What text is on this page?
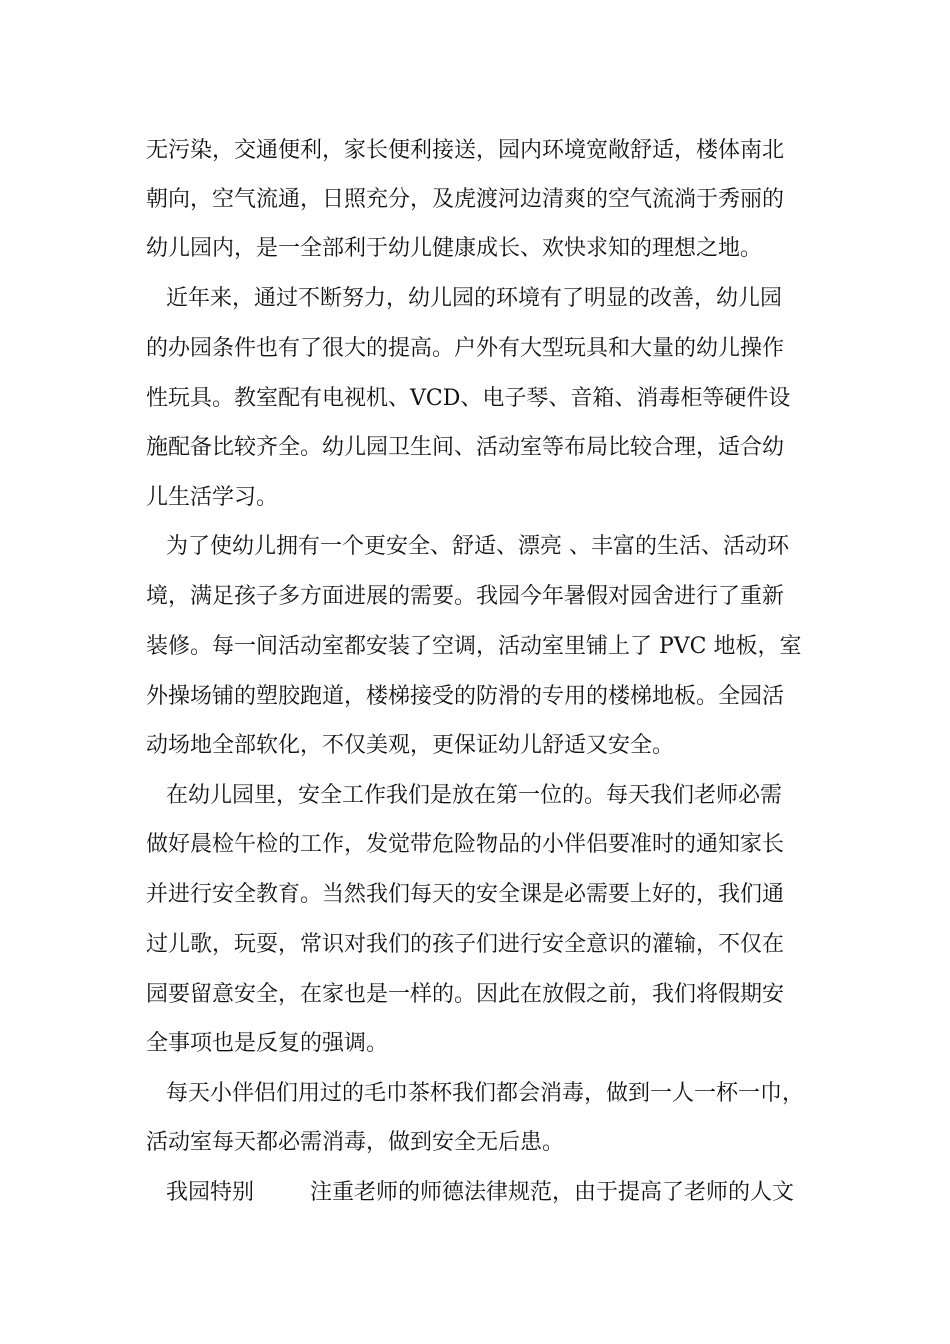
无污染，交通便利，家长便利接送，园内环境宽敞舒适，楼体南北
朝向，空气流通，日照充分，及虎渡河边清爽的空气流淌于秀丽的
幼儿园内，是一全部利于幼儿健康成长、欢快求知的理想之地。
近年来，通过不断努力，幼儿园的环境有了明显的改善，幼儿园
的办园条件也有了很大的提高。户外有大型玩具和大量的幼儿操作
性玩具。教室配有电视机、VCD、电子琴、音箱、消毒柜等硬件设
施配备比较齐全。幼儿园卫生间、活动室等布局比较合理，适合幼
儿生活学习。
为了使幼儿拥有一个更安全、舒适、漂亮 、丰富的生活、活动环
境，满足孩子多方面进展的需要。我园今年暑假对园舍进行了重新
装修。每一间活动室都安装了空调，活动室里铺上了 PVC 地板，室
外操场铺的塑胶跑道，楼梯接受的防滑的专用的楼梯地板。全园活
动场地全部软化，不仅美观，更保证幼儿舒适又安全。
在幼儿园里，安全工作我们是放在第一位的。每天我们老师必需
做好晨检午检的工作，发觉带危险物品的小伴侣要准时的通知家长
并进行安全教育。当然我们每天的安全课是必需要上好的，我们通
过儿歌，玩耍，常识对我们的孩子们进行安全意识的灌输，不仅在
园要留意安全，在家也是一样的。因此在放假之前，我们将假期安
全事项也是反复的强调。
每天小伴侣们用过的毛巾茶杯我们都会消毒，做到一人一杯一巾，
活动室每天都必需消毒，做到安全无后患。
我园特别        注重老师的师德法律规范，由于提高了老师的人文
